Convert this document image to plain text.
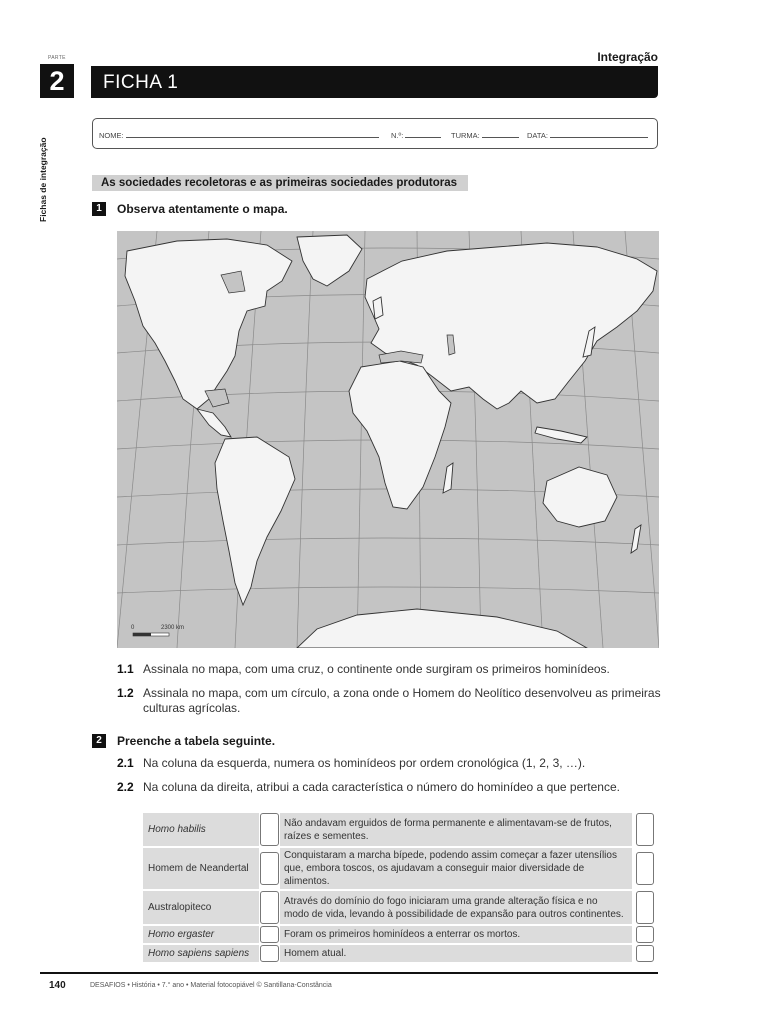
PARTE
2
Fichas de integração
Integração
FICHA 1
NOME:	N.º:	TURMA:	DATA:
As sociedades recoletoras e as primeiras sociedades produtoras
1	Observa atentamente o mapa.
0	2300 km
1.1 Assinala no mapa, com uma cruz, o continente onde surgiram os primeiros hominídeos.
1.2 Assinala no mapa, com um círculo, a zona onde o Homem do Neolítico desenvolveu as primeiras
culturas agrícolas.
2	Preenche a tabela seguinte.
2.1 Na coluna da esquerda, numera os hominídeos por ordem cronológica (1, 2, 3, …).
2.2 Na coluna da direita, atribui a cada característica o número do hominídeo a que pertence.
Homo habilis		Não andavam erguidos de forma permanente e alimentavam-se de frutos,
raízes e sementes.		

Homem de Neandertal		Conquistaram a marcha bípede, podendo assim começar a fazer utensílios
que, embora toscos, os ajudavam a conseguir maior diversidade de alimentos.		

Australopiteco		Através do domínio do fogo iniciaram uma grande alteração física e no
modo de vida, levando à possibilidade de expansão para outros continentes.		

Homo ergaster		Foram os primeiros hominídeos a enterrar os mortos.		

Homo sapiens sapiens		Homem atual.		
140	DESAFIOS • História • 7.° ano • Material fotocopiável © Santillana-Constância
